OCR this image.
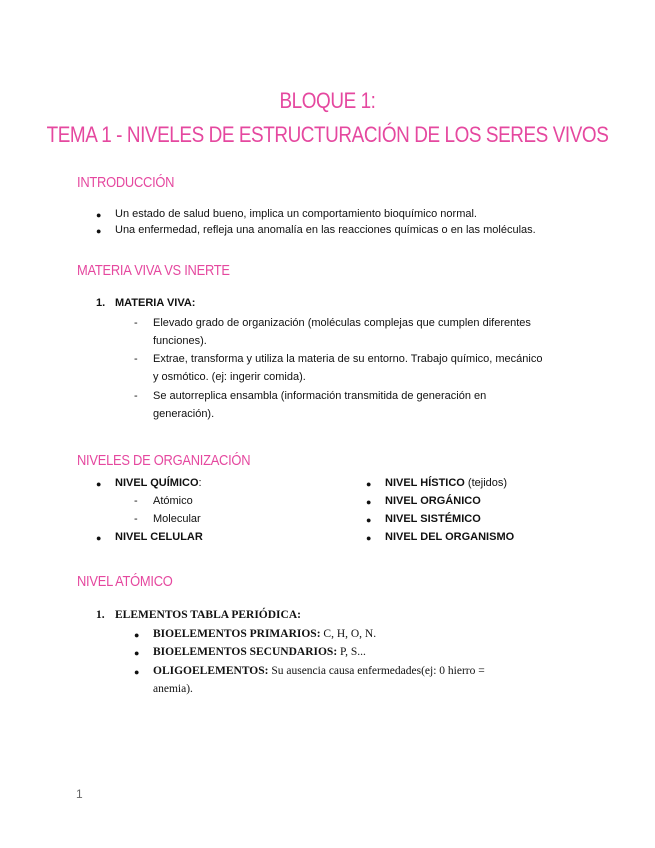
BLOQUE 1:
TEMA 1 - NIVELES DE ESTRUCTURACIÓN DE LOS SERES VIVOS
INTRODUCCIÓN
● Un estado de salud bueno, implica un comportamiento bioquímico normal.
● Una enfermedad, refleja una anomalía en las reacciones químicas o en las moléculas.
MATERIA VIVA VS INERTE
1. MATERIA VIVA:
- Elevado grado de organización (moléculas complejas que cumplen diferentes
funciones).
- Extrae, transforma y utiliza la materia de su entorno. Trabajo químico, mecánico
y osmótico. (ej: ingerir comida).
- Se autorreplica ensambla (información transmitida de generación en
generación).
NIVELES DE ORGANIZACIÓN
● NIVEL QUÍMICO:
- Atómico
- Molecular
● NIVEL CELULAR
● NIVEL HÍSTICO (tejidos)
● NIVEL ORGÁNICO
● NIVEL SISTÉMICO
● NIVEL DEL ORGANISMO
NIVEL ATÓMICO
1. ELEMENTOS TABLA PERIÓDICA:
● BIOELEMENTOS PRIMARIOS: C, H, O, N.
● BIOELEMENTOS SECUNDARIOS: P, S...
● OLIGOELEMENTOS: Su ausencia causa enfermedades(ej: 0 hierro =
anemia).
1
